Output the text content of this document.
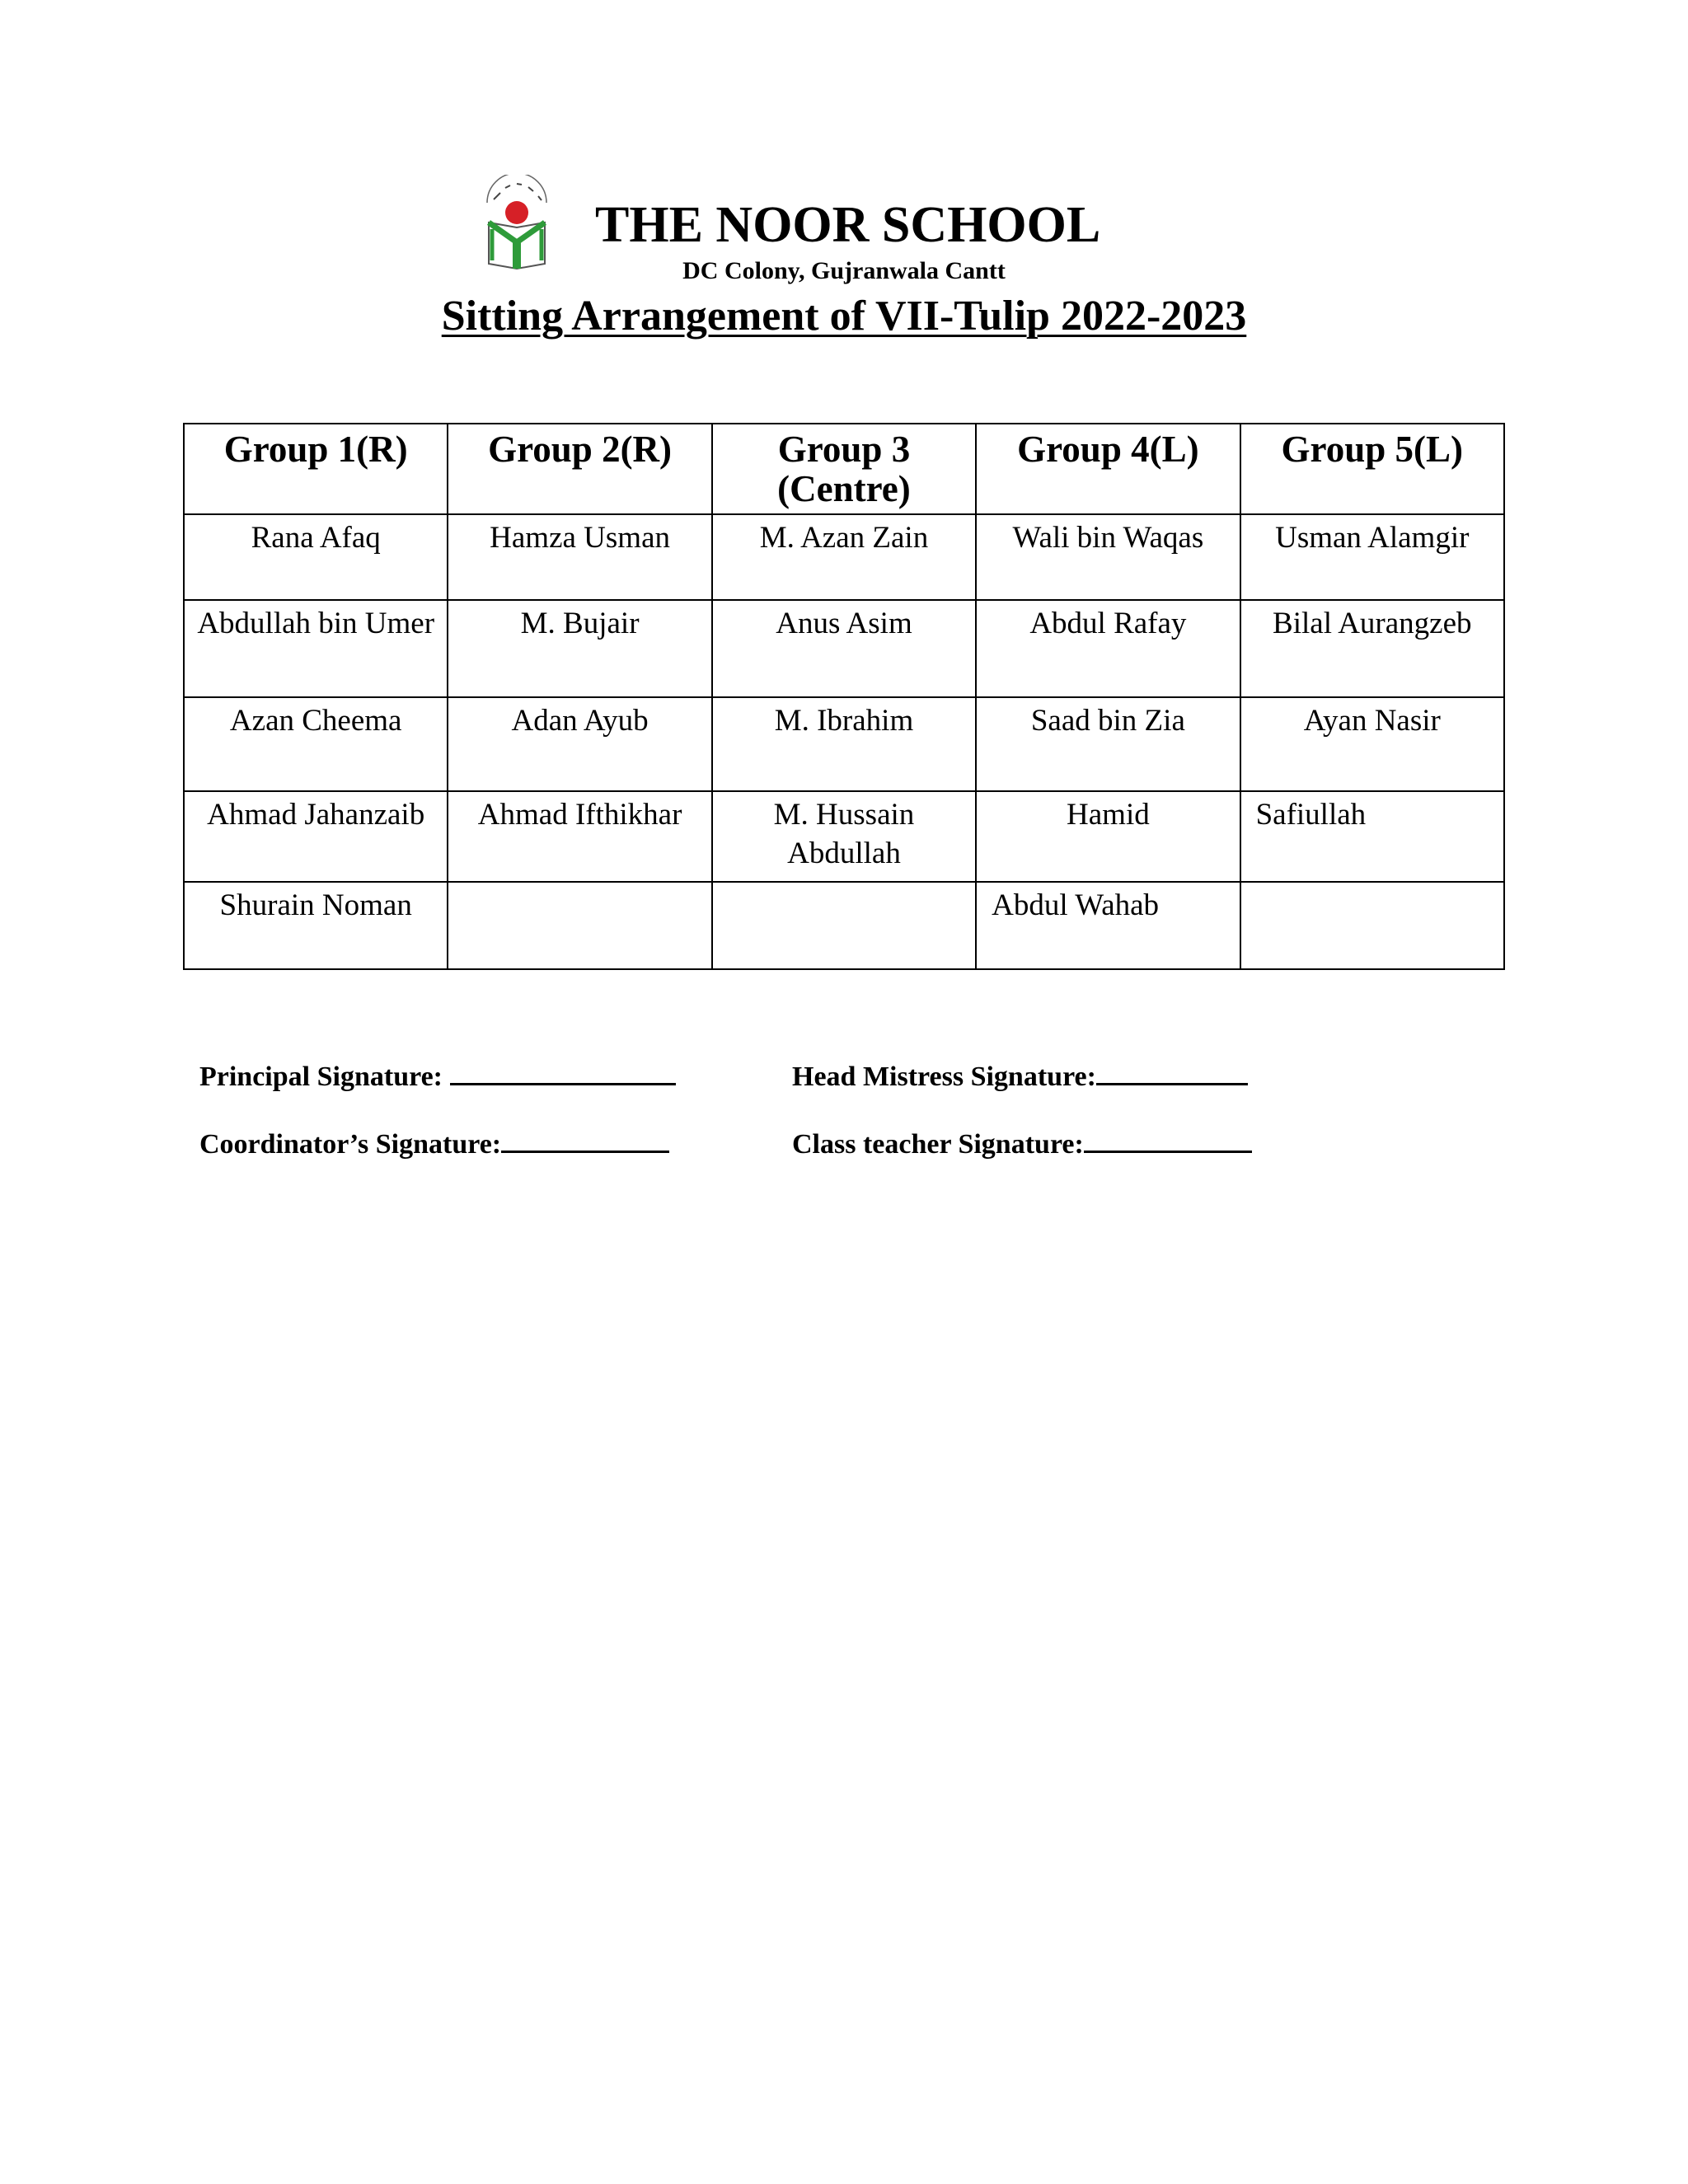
THE NOOR SCHOOL
DC Colony, Gujranwala Cantt
Sitting Arrangement of VII-Tulip 2022-2023
Group 1(R)	Group 2(R)	Group 3 (Centre)	Group 4(L)	Group 5(L)
Rana Afaq	Hamza Usman	M. Azan Zain	Wali bin Waqas	Usman Alamgir
Abdullah bin Umer	M. Bujair	Anus Asim	Abdul Rafay	Bilal Aurangzeb
Azan Cheema	Adan Ayub	M. Ibrahim	Saad bin Zia	Ayan Nasir
Ahmad Jahanzaib	Ahmad Ifthikhar	M. Hussain Abdullah	Hamid	Safiullah
Shurain Noman			Abdul Wahab	
Principal Signature:	Head Mistress Signature:
Coordinator’s Signature:	Class teacher Signature:
